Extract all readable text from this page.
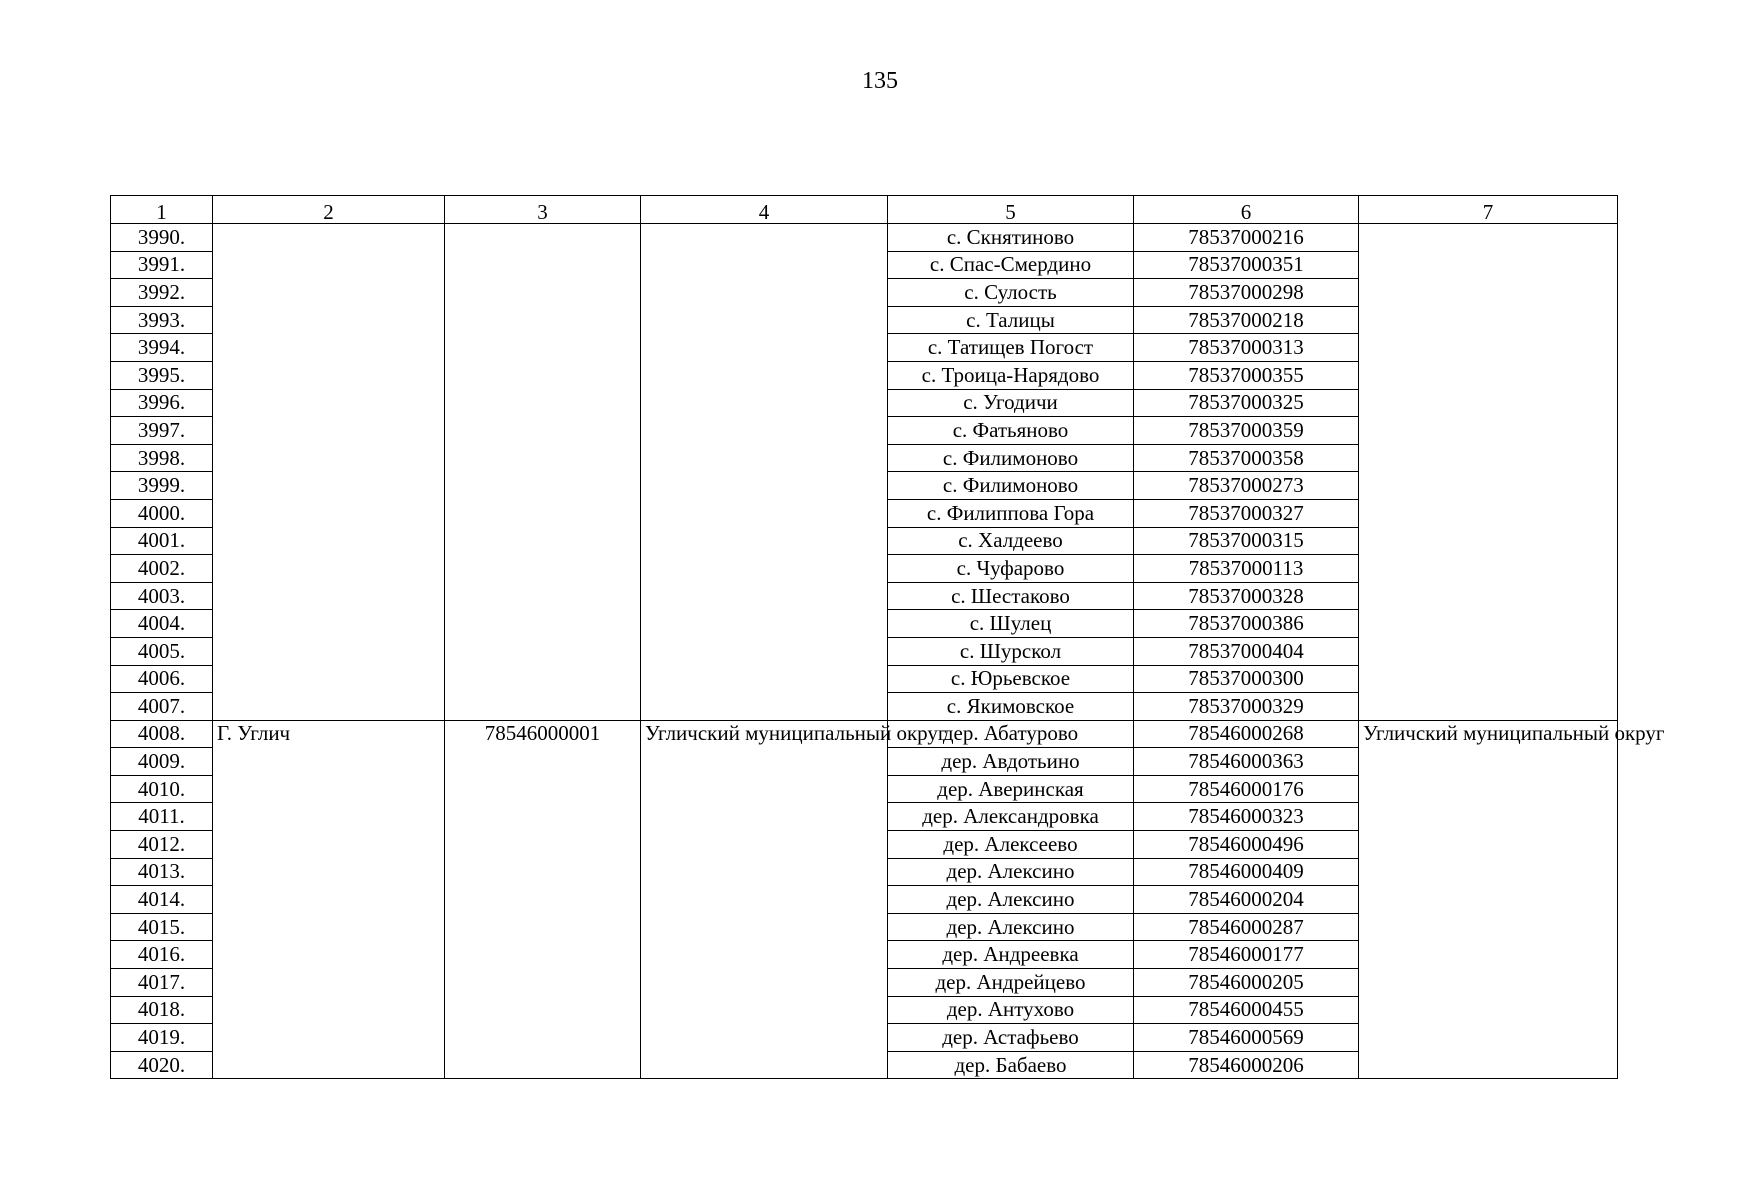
135
1	2	3	4	5	6	7
3990.				с. Скнятиново	78537000216	
3991.				с. Спас-Смердино	78537000351	
3992.				с. Сулость	78537000298	
3993.				с. Талицы	78537000218	
3994.				с. Татищев Погост	78537000313	
3995.				с. Троица-Нарядово	78537000355	
3996.				с. Угодичи	78537000325	
3997.				с. Фатьяново	78537000359	
3998.				с. Филимоново	78537000358	
3999.				с. Филимоново	78537000273	
4000.				с. Филиппова Гора	78537000327	
4001.				с. Халдеево	78537000315	
4002.				с. Чуфарово	78537000113	
4003.				с. Шестаково	78537000328	
4004.				с. Шулец	78537000386	
4005.				с. Шурскол	78537000404	
4006.				с. Юрьевское	78537000300	
4007.				с. Якимовское	78537000329	
4008.	Г. Углич	78546000001	Угличский муниципальный округ	дер. Абатурово	78546000268	Угличский муниципальный округ
4009.				дер. Авдотьино	78546000363	
4010.				дер. Аверинская	78546000176	
4011.				дер. Александровка	78546000323	
4012.				дер. Алексеево	78546000496	
4013.				дер. Алексино	78546000409	
4014.				дер. Алексино	78546000204	
4015.				дер. Алексино	78546000287	
4016.				дер. Андреевка	78546000177	
4017.				дер. Андрейцево	78546000205	
4018.				дер. Антухово	78546000455	
4019.				дер. Астафьево	78546000569	
4020.				дер. Бабаево	78546000206	
